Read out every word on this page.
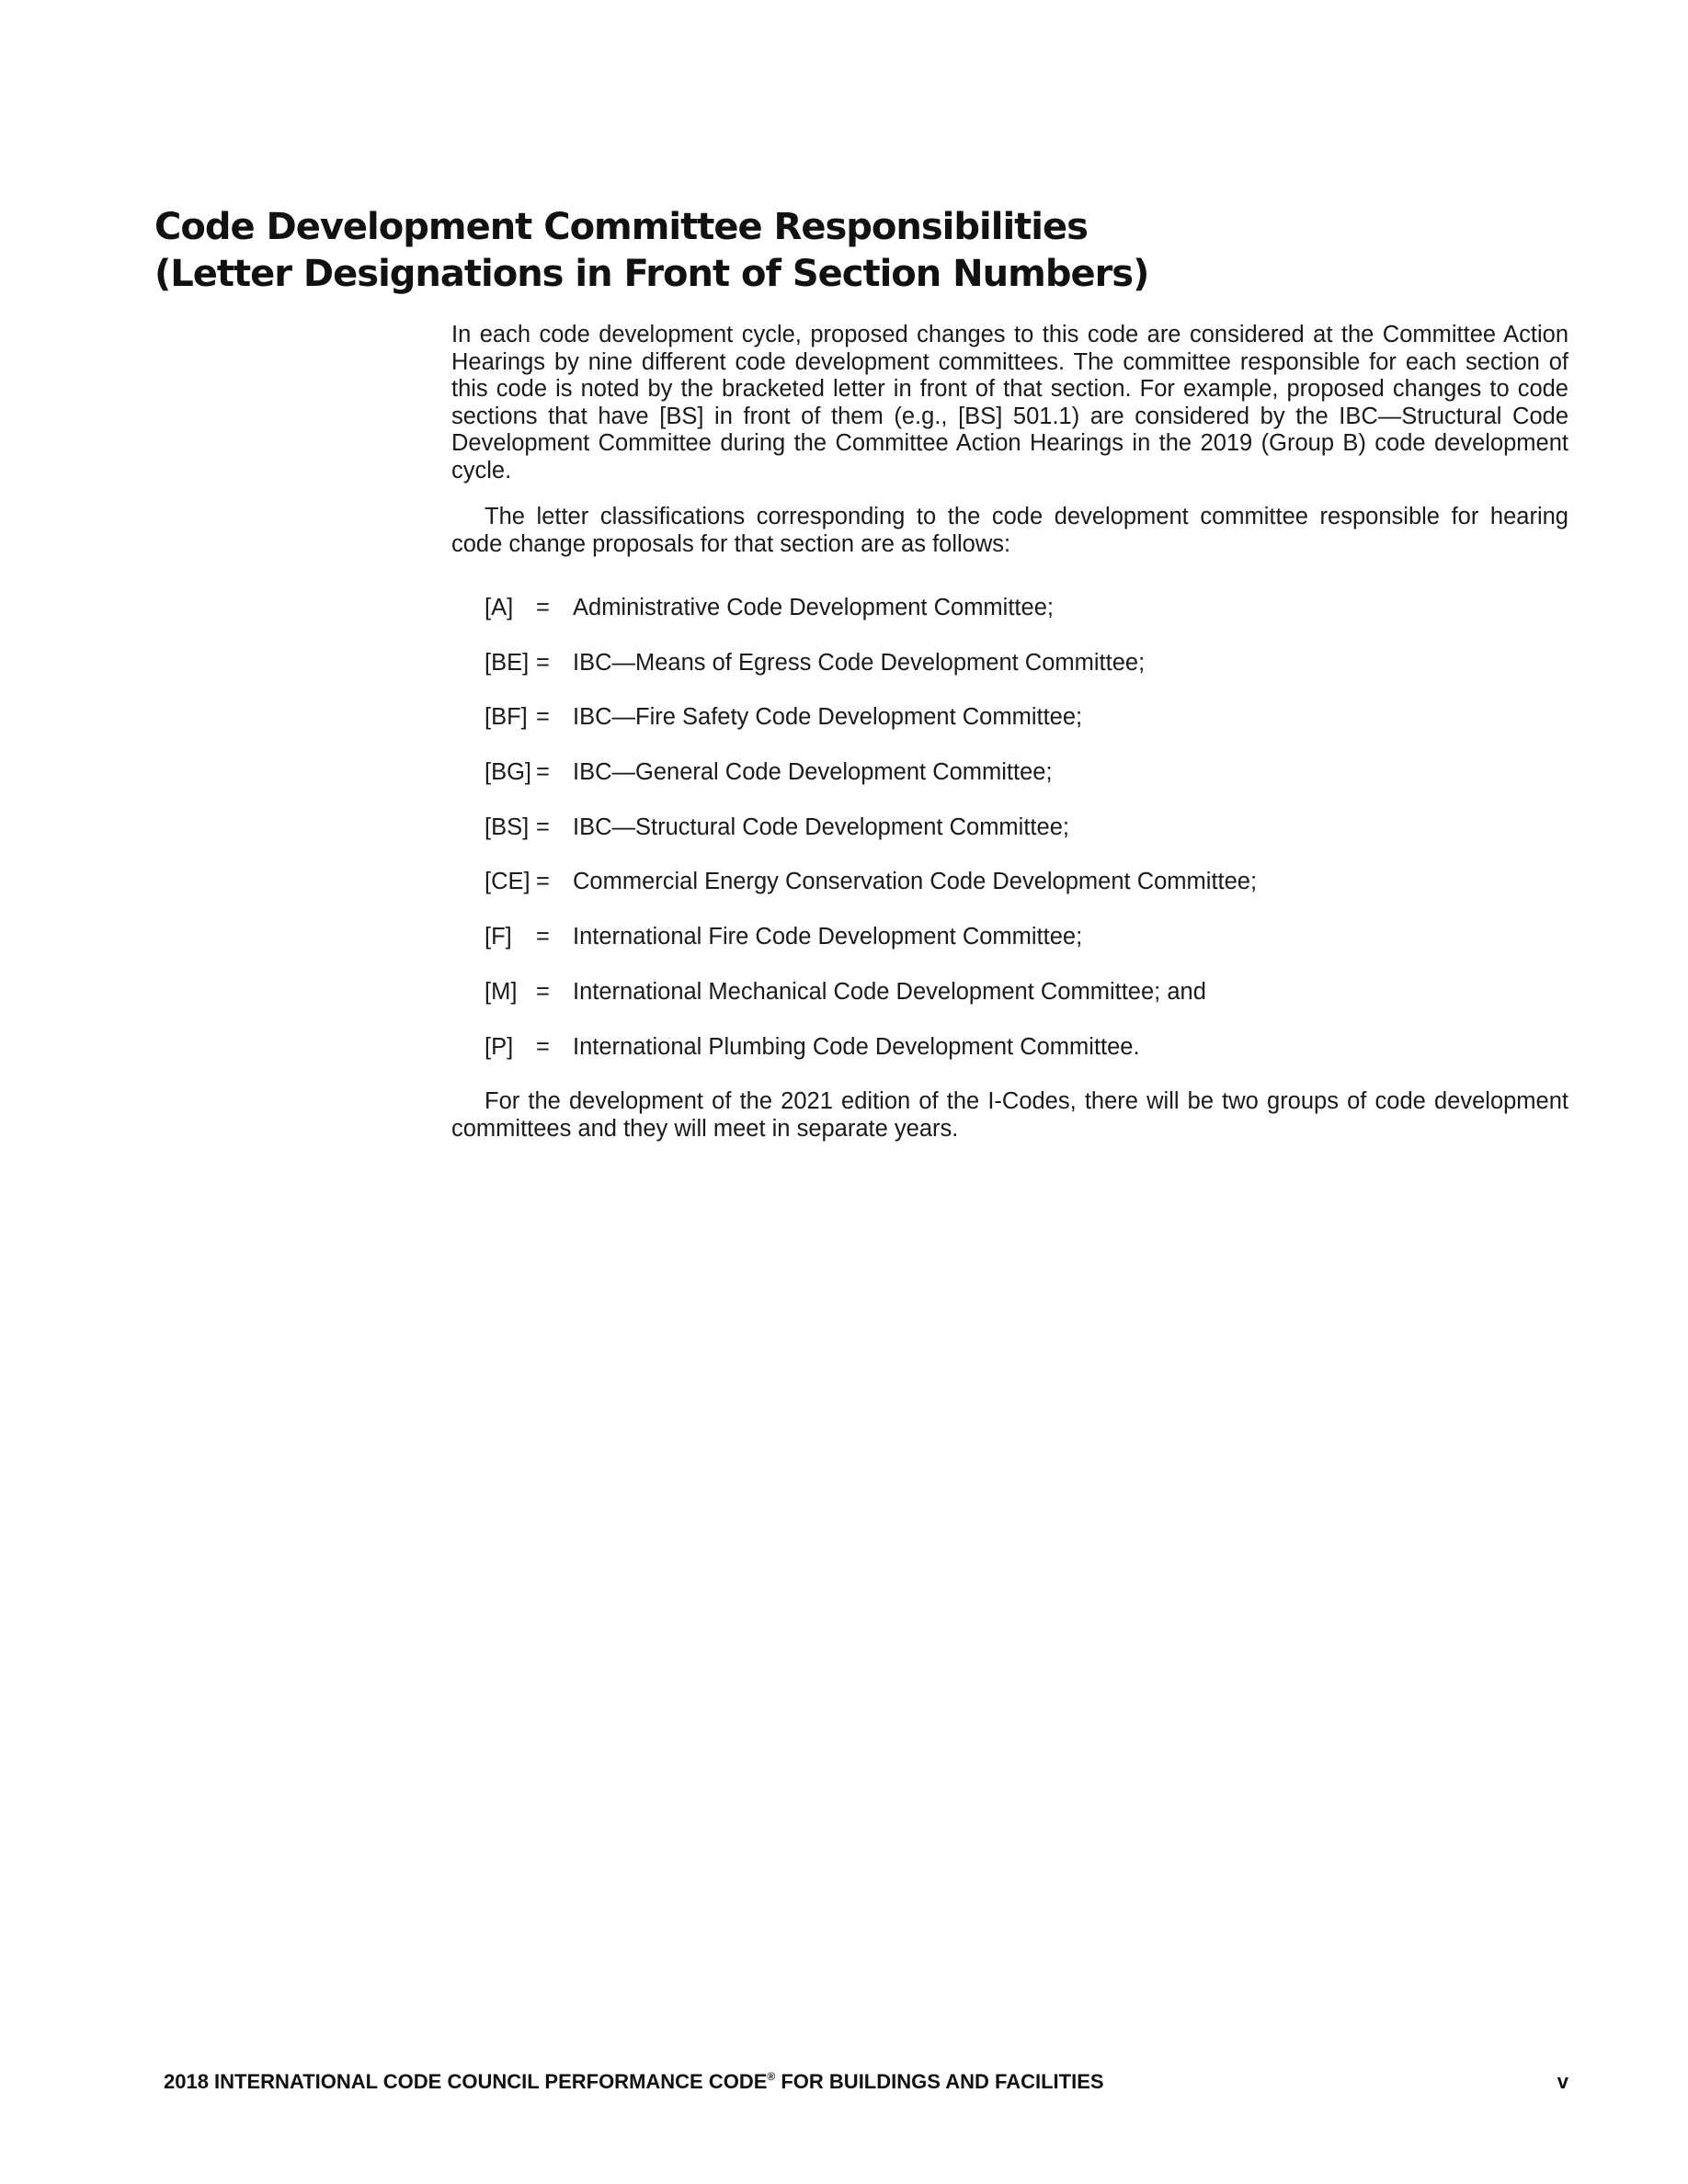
Code Development Committee Responsibilities
(Letter Designations in Front of Section Numbers)

In each code development cycle, proposed changes to this code are considered at the Committee Action Hearings by nine different code development committees. The committee responsible for each section of this code is noted by the bracketed letter in front of that section. For example, proposed changes to code sections that have [BS] in front of them (e.g., [BS] 501.1) are considered by the IBC—Structural Code Development Committee during the Committee Action Hearings in the 2019 (Group B) code development cycle.

The letter classifications corresponding to the code development committee responsible for hearing code change proposals for that section are as follows:

[A] = Administrative Code Development Committee;
[BE] = IBC—Means of Egress Code Development Committee;
[BF] = IBC—Fire Safety Code Development Committee;
[BG] = IBC—General Code Development Committee;
[BS] = IBC—Structural Code Development Committee;
[CE] = Commercial Energy Conservation Code Development Committee;
[F]	= International Fire Code Development Committee;
[M] = International Mechanical Code Development Committee; and
[P] = International Plumbing Code Development Committee.

For the development of the 2021 edition of the I-Codes, there will be two groups of code development committees and they will meet in separate years.

2018 INTERNATIONAL CODE COUNCIL PERFORMANCE CODE® FOR BUILDINGS AND FACILITIES	v
